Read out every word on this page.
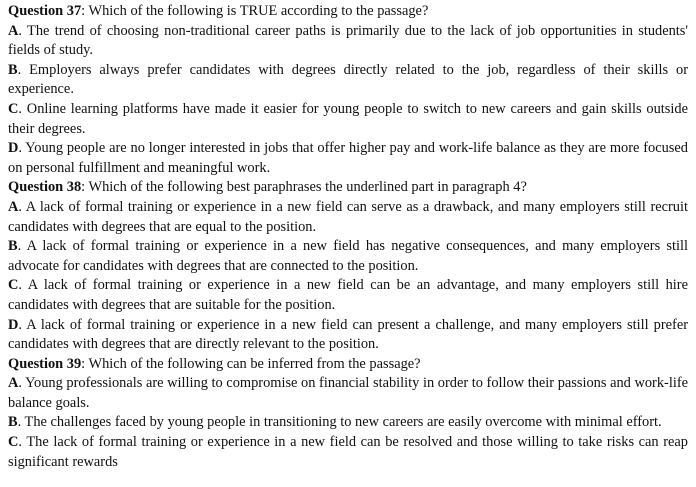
Question 37: Which of the following is TRUE according to the passage?

A. The trend of choosing non-traditional career paths is primarily due to the lack of job opportunities in students' fields of study.

B. Employers always prefer candidates with degrees directly related to the job, regardless of their skills or experience.

C. Online learning platforms have made it easier for young people to switch to new careers and gain skills outside their degrees.

D. Young people are no longer interested in jobs that offer higher pay and work-life balance as they are more focused on personal fulfillment and meaningful work.

Question 38: Which of the following best paraphrases the underlined part in paragraph 4?

A. A lack of formal training or experience in a new field can serve as a drawback, and many employers still recruit candidates with degrees that are equal to the position.

B. A lack of formal training or experience in a new field has negative consequences, and many employers still advocate for candidates with degrees that are connected to the position.

C. A lack of formal training or experience in a new field can be an advantage, and many employers still hire candidates with degrees that are suitable for the position.

D. A lack of formal training or experience in a new field can present a challenge, and many employers still prefer candidates with degrees that are directly relevant to the position.

Question 39: Which of the following can be inferred from the passage?

A. Young professionals are willing to compromise on financial stability in order to follow their passions and work-life balance goals.

B. The challenges faced by young people in transitioning to new careers are easily overcome with minimal effort.

C. The lack of formal training or experience in a new field can be resolved and those willing to take risks can reap significant rewards
